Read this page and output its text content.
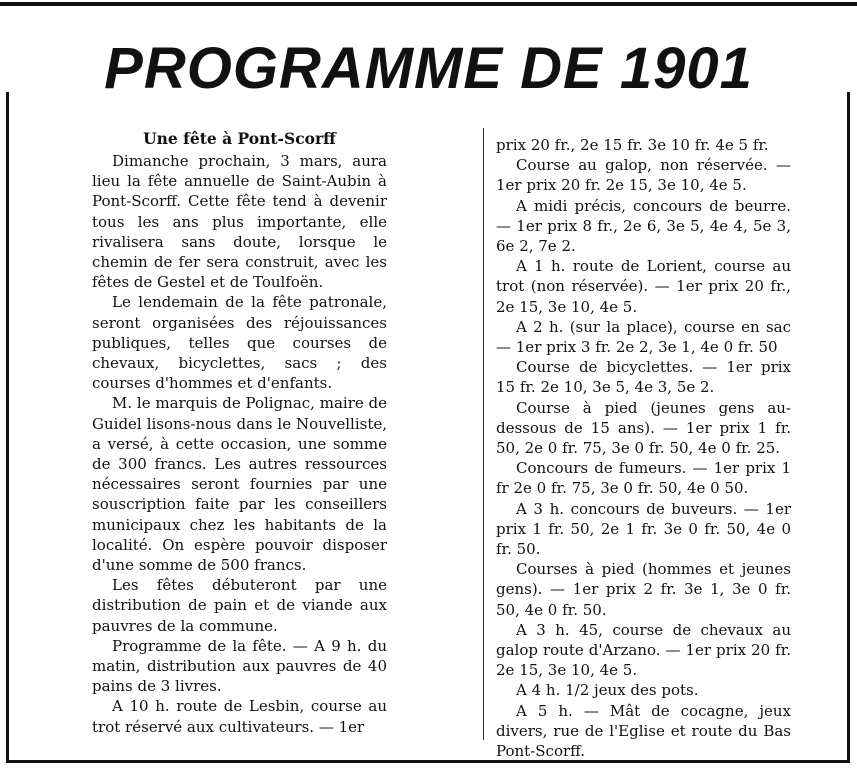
PROGRAMME DE 1901
Une fête à Pont-Scorff

Dimanche prochain, 3 mars, aura lieu la fête annuelle de Saint-Aubin à Pont-Scorff. Cette fête tend à devenir tous les ans plus importante, elle rivalisera sans doute, lorsque le chemin de fer sera construit, avec les fêtes de Gestel et de Toulfoën.

Le lendemain de la fête patronale, seront organisées des réjouissances publiques, telles que courses de chevaux, bicyclettes, sacs ; des courses d'hommes et d'enfants.

M. le marquis de Polignac, maire de Guidel lisons-nous dans le Nouvelliste, a versé, à cette occasion, une somme de 300 francs. Les autres ressources nécessaires seront fournies par une souscription faite par les conseillers municipaux chez les habitants de la localité. On espère pouvoir disposer d'une somme de 500 francs.

Les fêtes débuteront par une distribution de pain et de viande aux pauvres de la commune.

Programme de la fête. — A 9 h. du matin, distribution aux pauvres de 40 pains de 3 livres.

A 10 h. route de Lesbin, course au trot réservé aux cultivateurs. — 1er

prix 20 fr., 2e 15 fr. 3e 10 fr. 4e 5 fr.

Course au galop, non réservée. — 1er prix 20 fr. 2e 15, 3e 10, 4e 5.

A midi précis, concours de beurre. — 1er prix 8 fr., 2e 6, 3e 5, 4e 4, 5e 3, 6e 2, 7e 2.

A 1 h. route de Lorient, course au trot (non réservée). — 1er prix 20 fr., 2e 15, 3e 10, 4e 5.

A 2 h. (sur la place), course en sac — 1er prix 3 fr. 2e 2, 3e 1, 4e 0 fr. 50

Course de bicyclettes. — 1er prix 15 fr. 2e 10, 3e 5, 4e 3, 5e 2.

Course à pied (jeunes gens au-dessous de 15 ans). — 1er prix 1 fr. 50, 2e 0 fr. 75, 3e 0 fr. 50, 4e 0 fr. 25.

Concours de fumeurs. — 1er prix 1 fr 2e 0 fr. 75, 3e 0 fr. 50, 4e 0 50.

A 3 h. concours de buveurs. — 1er prix 1 fr. 50, 2e 1 fr. 3e 0 fr. 50, 4e 0 fr. 50.

Courses à pied (hommes et jeunes gens). — 1er prix 2 fr. 3e 1, 3e 0 fr. 50, 4e 0 fr. 50.

A 3 h. 45, course de chevaux au galop route d'Arzano. — 1er prix 20 fr. 2e 15, 3e 10, 4e 5.

A 4 h. 1/2 jeux des pots.

A 5 h. — Mât de cocagne, jeux divers, rue de l'Eglise et route du Bas Pont-Scorff.
